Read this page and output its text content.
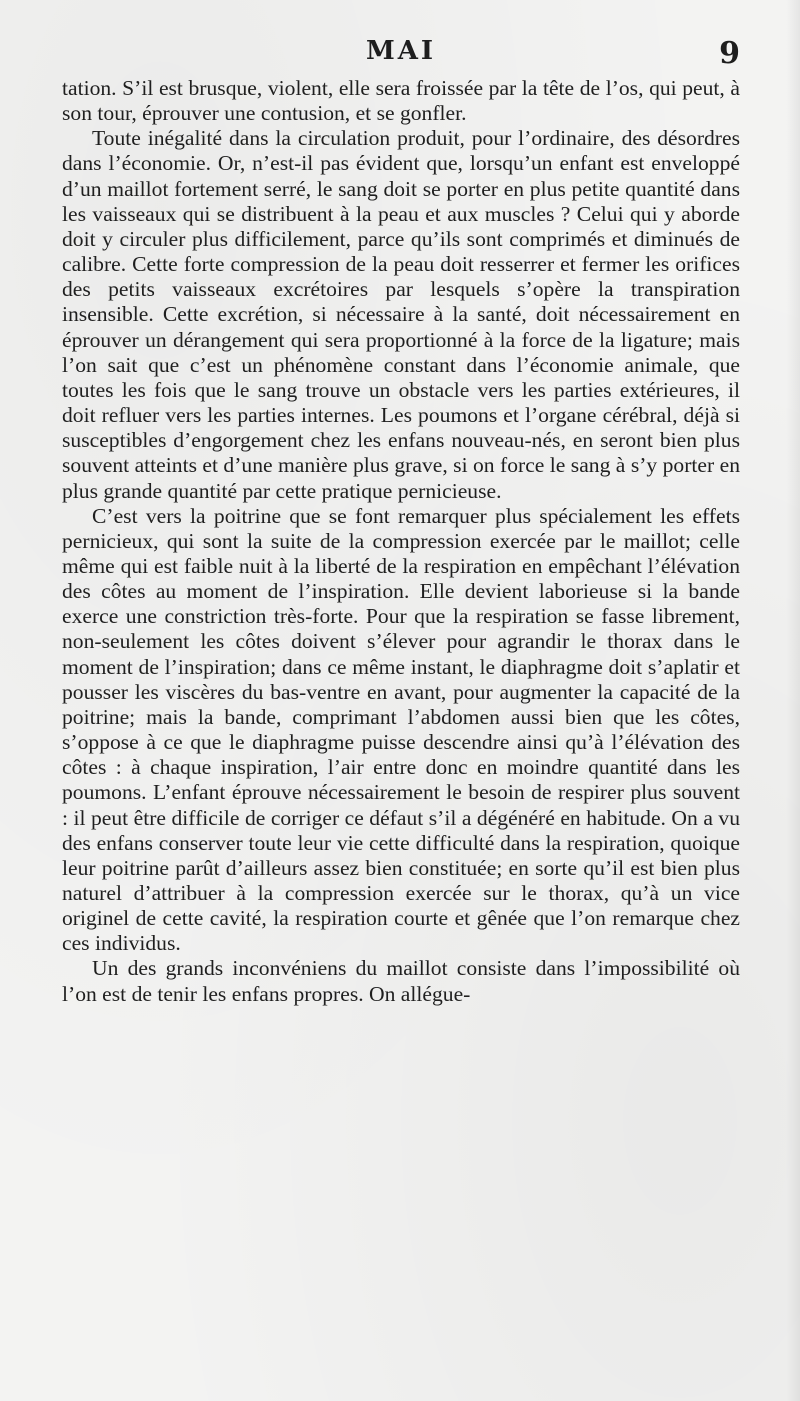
MAI	9

tation. S’il est brusque, violent, elle sera froissée par la tête de l’os, qui peut, à son tour, éprouver une contusion, et se gonfler.

Toute inégalité dans la circulation produit, pour l’ordinaire, des désordres dans l’économie. Or, n’est-il pas évident que, lorsqu’un enfant est enveloppé d’un maillot fortement serré, le sang doit se porter en plus petite quantité dans les vaisseaux qui se distribuent à la peau et aux muscles ? Celui qui y aborde doit y circuler plus difficilement, parce qu’ils sont comprimés et diminués de calibre. Cette forte compression de la peau doit resserrer et fermer les orifices des petits vaisseaux excrétoires par lesquels s’opère la transpiration insensible. Cette excrétion, si nécessaire à la santé, doit nécessairement en éprouver un dérangement qui sera proportionné à la force de la ligature; mais l’on sait que c’est un phénomène constant dans l’économie animale, que toutes les fois que le sang trouve un obstacle vers les parties extérieures, il doit refluer vers les parties internes. Les poumons et l’organe cérébral, déjà si susceptibles d’engorgement chez les enfans nouveau-nés, en seront bien plus souvent atteints et d’une manière plus grave, si on force le sang à s’y porter en plus grande quantité par cette pratique pernicieuse.

C’est vers la poitrine que se font remarquer plus spécialement les effets pernicieux, qui sont la suite de la compression exercée par le maillot; celle même qui est faible nuit à la liberté de la respiration en empêchant l’élévation des côtes au moment de l’inspiration. Elle devient laborieuse si la bande exerce une constriction très-forte. Pour que la respiration se fasse librement, non-seulement les côtes doivent s’élever pour agrandir le thorax dans le moment de l’inspiration; dans ce même instant, le diaphragme doit s’aplatir et pousser les viscères du bas-ventre en avant, pour augmenter la capacité de la poitrine; mais la bande, comprimant l’abdomen aussi bien que les côtes, s’oppose à ce que le diaphragme puisse descendre ainsi qu’à l’élévation des côtes : à chaque inspiration, l’air entre donc en moindre quantité dans les poumons. L’enfant éprouve nécessairement le besoin de respirer plus souvent : il peut être difficile de corriger ce défaut s’il a dégénéré en habitude. On a vu des enfans conserver toute leur vie cette difficulté dans la respiration, quoique leur poitrine parût d’ailleurs assez bien constituée; en sorte qu’il est bien plus naturel d’attribuer à la compression exercée sur le thorax, qu’à un vice originel de cette cavité, la respiration courte et gênée que l’on remarque chez ces individus.

Un des grands inconvéniens du maillot consiste dans l’impossibilité où l’on est de tenir les enfans propres. On allégue-
